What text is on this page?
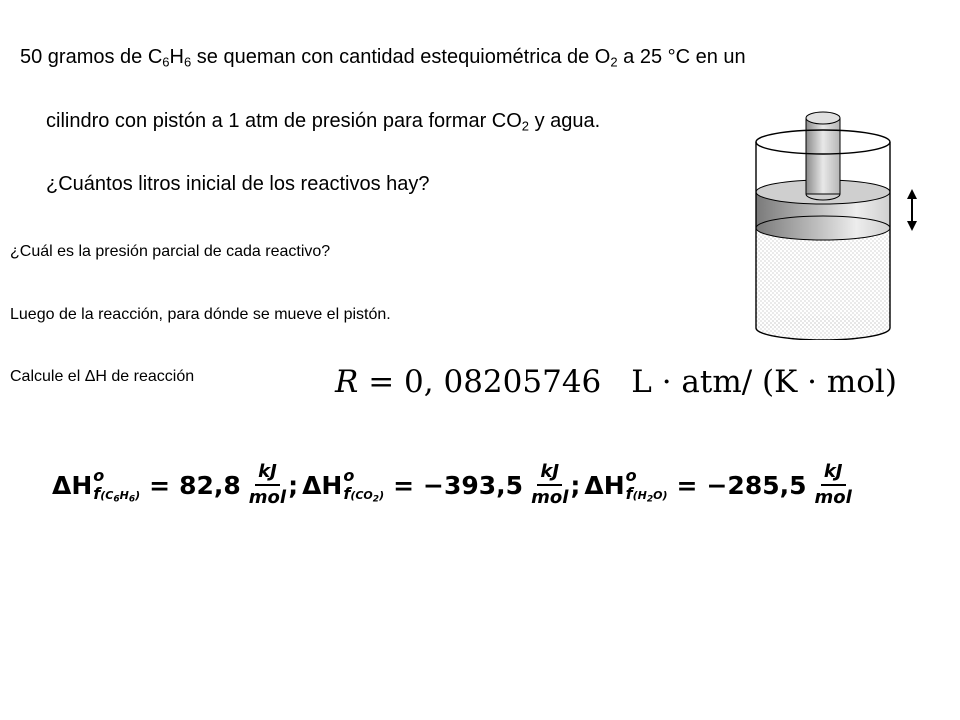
50 gramos de $C_6H_6$ se queman con cantidad estequiométrica de $O_2$ a 25 °C en un
cilindro con pistón a 1 atm de presión para formar $CO_2$ y agua.
¿Cuántos litros inicial de los reactivos hay?
¿Cuál es la presión parcial de cada reactivo?
Luego de la reacción, para dónde se mueve el pistón.
Calcule el ΔH de reacción	R = 0, 08205746 L · atm/ (K · mol)
ΔH o
$f(C_6H_6) = 82,8 \frac{kJ}{\text{mol}}$ ; ΔH o
$f(CO_2) = -393,5 \frac{kJ}{\text{mol}}$ ; ΔH o
$f(H_2O) = -285,5 \frac{kJ}{\text{mol}}$
